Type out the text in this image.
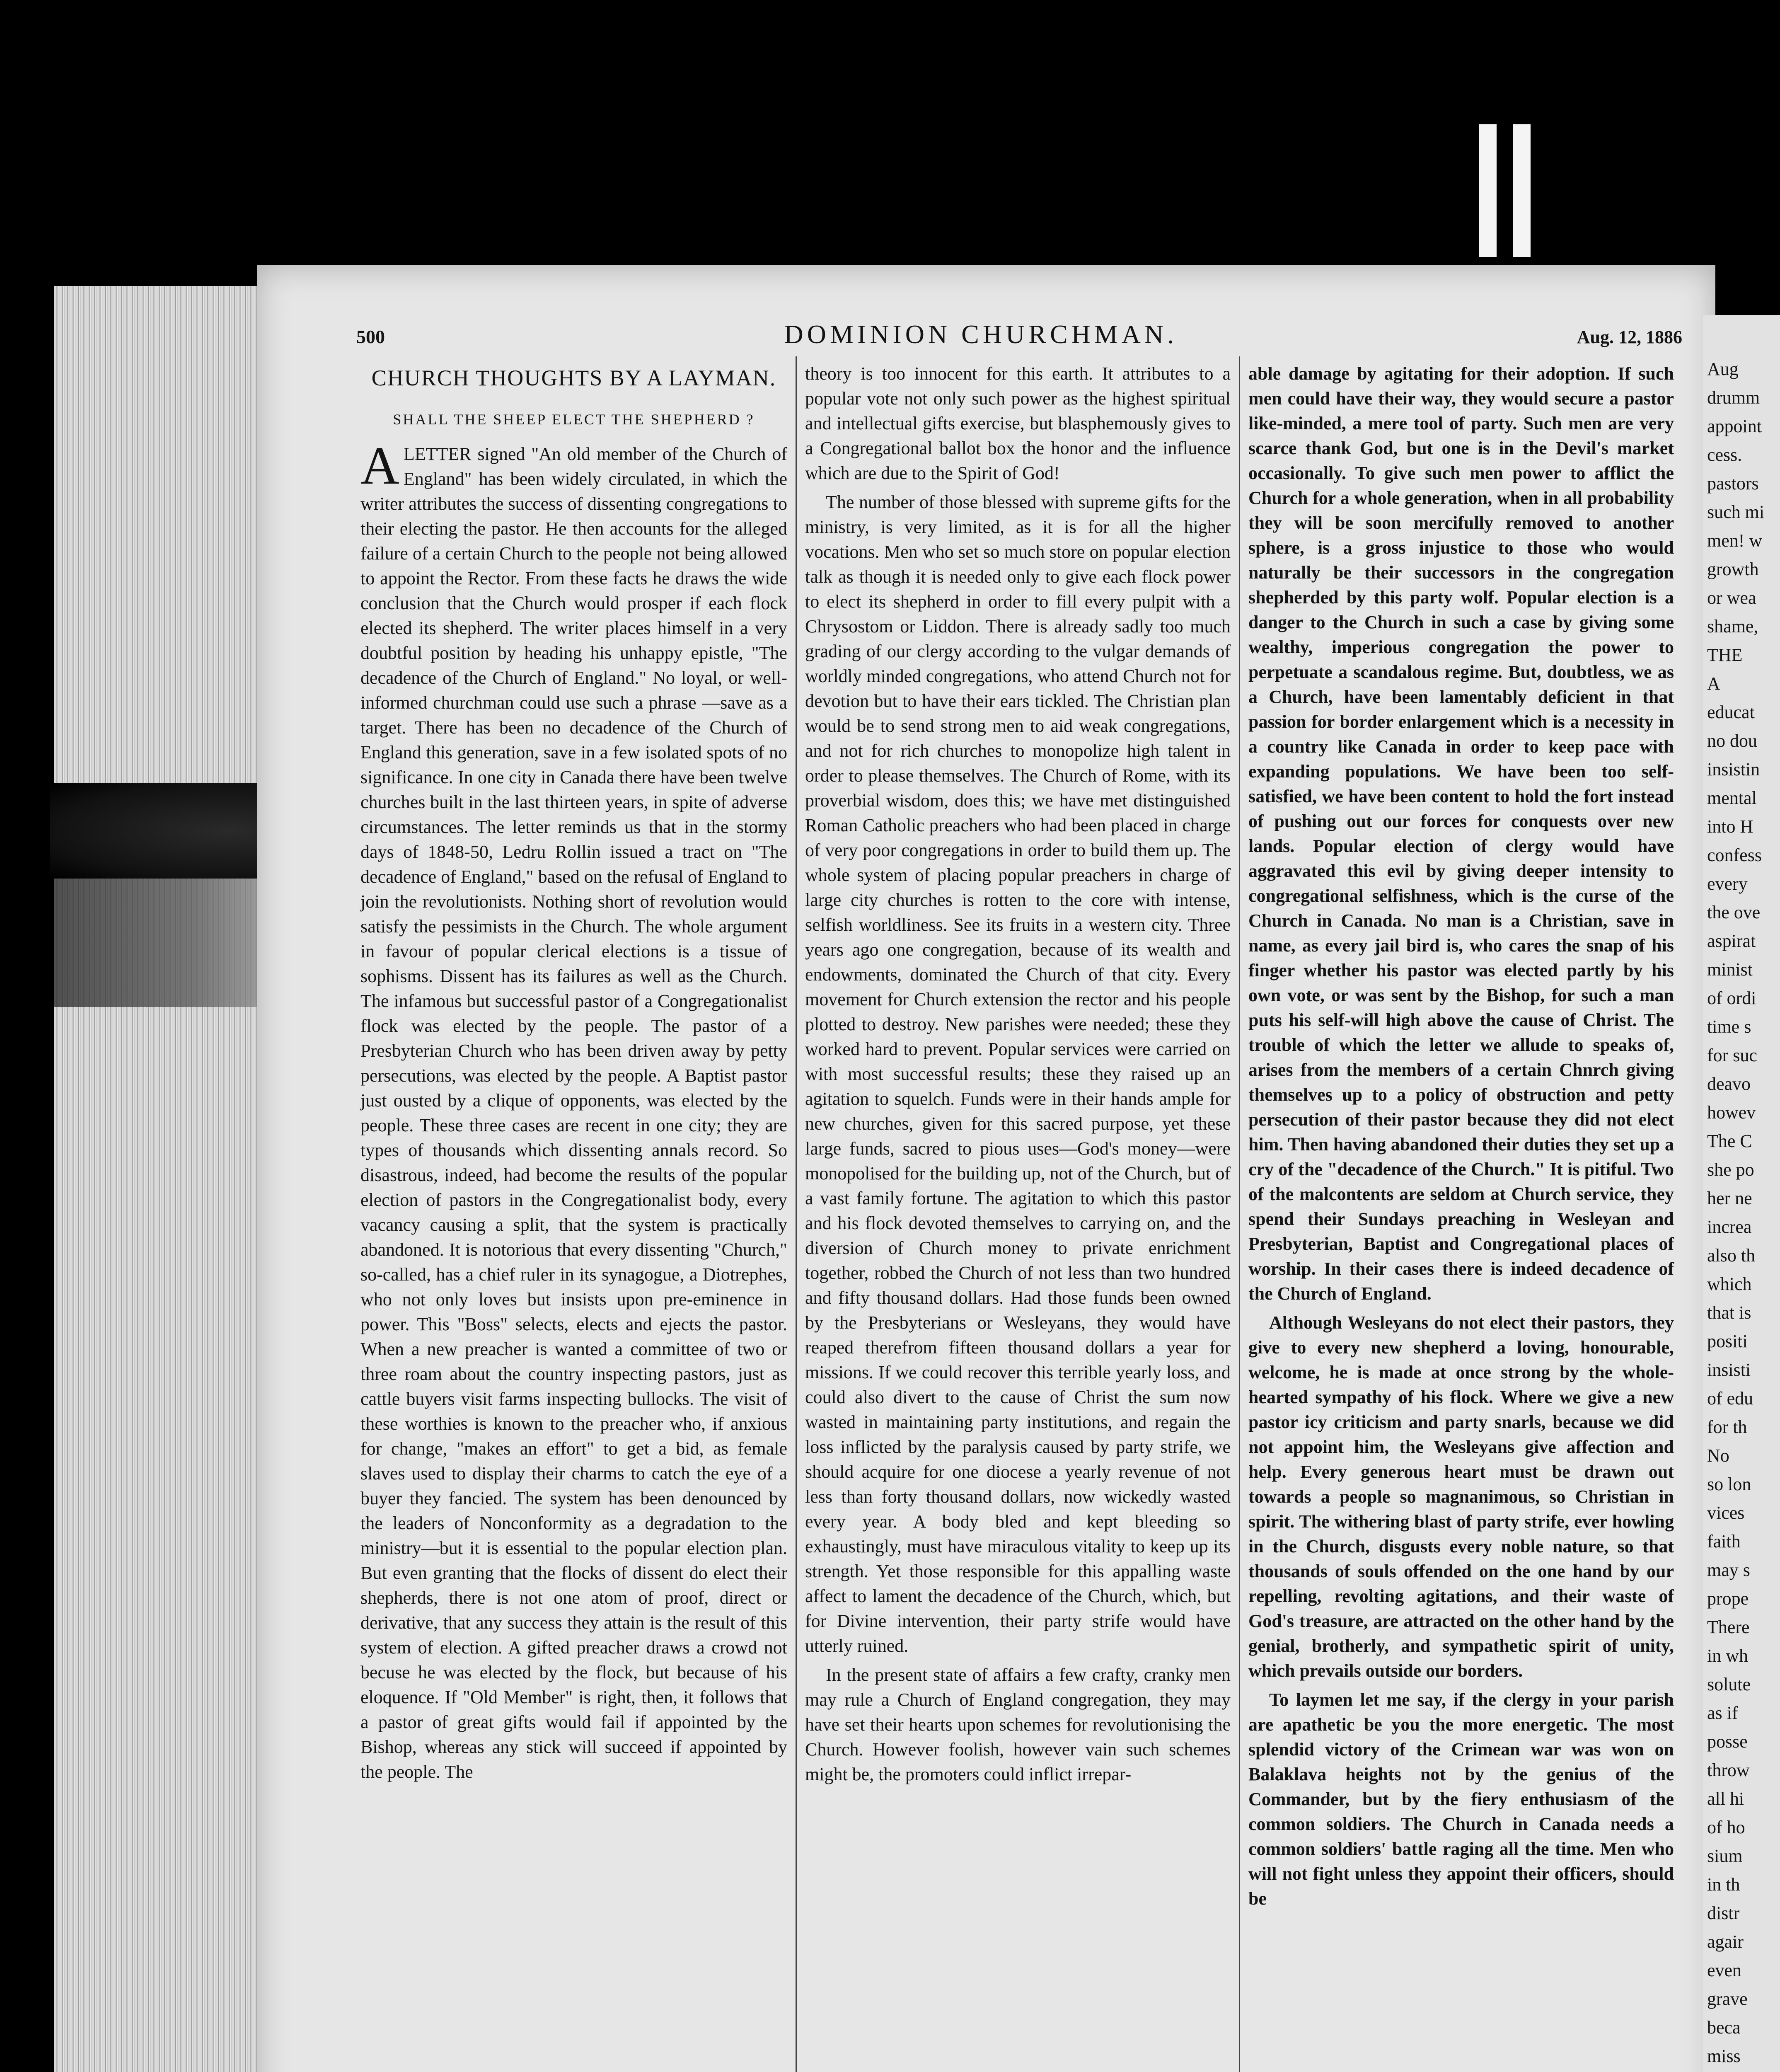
Aug
drumm
appoint
cess.
pastors
such mi
men! w
growth
or wea
shame,
THE
A
educat
no dou
insistin
mental
into H
confess
every
the ove
aspirat
minist
of ordi
time s
for suc
deavo
howev
The C
she po
her ne
increa
also th
which
that is
positi
insisti
of edu
for th
No
so lon
vices
faith
may s
prope
There
in wh
solute
as if
posse
throw
all hi
of ho
sium
in th
distr
agair
even
grave
beca
miss
500	DOMINION CHURCHMAN.	Aug. 12, 1886
CHURCH THOUGHTS BY A LAYMAN.
SHALL THE SHEEP ELECT THE SHEPHERD ?

ALETTER signed "An old member of the Church of England" has been widely circulated, in which the writer attributes the success of dissenting congregations to their electing the pastor. He then accounts for the alleged failure of a certain Church to the people not being allowed to appoint the Rector. From these facts he draws the wide conclusion that the Church would prosper if each flock elected its shepherd. The writer places himself in a very doubtful position by heading his unhappy epistle, "The decadence of the Church of England." No loyal, or well-informed churchman could use such a phrase —save as a target. There has been no decadence of the Church of England this generation, save in a few isolated spots of no significance. In one city in Canada there have been twelve churches built in the last thirteen years, in spite of adverse circumstances. The letter reminds us that in the stormy days of 1848-50, Ledru Rollin issued a tract on "The decadence of England," based on the refusal of England to join the revolutionists. Nothing short of revolution would satisfy the pessimists in the Church. The whole argument in favour of popular clerical elections is a tissue of sophisms. Dissent has its failures as well as the Church. The infamous but successful pastor of a Congregationalist flock was elected by the people. The pastor of a Presbyterian Church who has been driven away by petty persecutions, was elected by the people. A Baptist pastor just ousted by a clique of opponents, was elected by the people. These three cases are recent in one city; they are types of thousands which dissenting annals record. So disastrous, indeed, had become the results of the popular election of pastors in the Congregationalist body, every vacancy causing a split, that the system is practically abandoned. It is notorious that every dissenting "Church," so-called, has a chief ruler in its synagogue, a Diotrephes, who not only loves but insists upon pre-eminence in power. This "Boss" selects, elects and ejects the pastor. When a new preacher is wanted a committee of two or three roam about the country inspecting pastors, just as cattle buyers visit farms inspecting bullocks. The visit of these worthies is known to the preacher who, if anxious for change, "makes an effort" to get a bid, as female slaves used to display their charms to catch the eye of a buyer they fancied. The system has been denounced by the leaders of Nonconformity as a degradation to the ministry—but it is essential to the popular election plan. But even granting that the flocks of dissent do elect their shepherds, there is not one atom of proof, direct or derivative, that any success they attain is the result of this system of election. A gifted preacher draws a crowd not becuse he was elected by the flock, but because of his eloquence. If "Old Member" is right, then, it follows that a pastor of great gifts would fail if appointed by the Bishop, whereas any stick will succeed if appointed by the people. The

theory is too innocent for this earth. It attributes to a popular vote not only such power as the highest spiritual and intellectual gifts exercise, but blasphemously gives to a Congregational ballot box the honor and the influence which are due to the Spirit of God!

The number of those blessed with supreme gifts for the ministry, is very limited, as it is for all the higher vocations. Men who set so much store on popular election talk as though it is needed only to give each flock power to elect its shepherd in order to fill every pulpit with a Chrysostom or Liddon. There is already sadly too much grading of our clergy according to the vulgar demands of worldly minded congregations, who attend Church not for devotion but to have their ears tickled. The Christian plan would be to send strong men to aid weak congregations, and not for rich churches to monopolize high talent in order to please themselves. The Church of Rome, with its proverbial wisdom, does this; we have met distinguished Roman Catholic preachers who had been placed in charge of very poor congregations in order to build them up. The whole system of placing popular preachers in charge of large city churches is rotten to the core with intense, selfish worldliness. See its fruits in a western city. Three years ago one congregation, because of its wealth and endowments, dominated the Church of that city. Every movement for Church extension the rector and his people plotted to destroy. New parishes were needed; these they worked hard to prevent. Popular services were carried on with most successful results; these they raised up an agitation to squelch. Funds were in their hands ample for new churches, given for this sacred purpose, yet these large funds, sacred to pious uses—God's money—were monopolised for the building up, not of the Church, but of a vast family fortune. The agitation to which this pastor and his flock devoted themselves to carrying on, and the diversion of Church money to private enrichment together, robbed the Church of not less than two hundred and fifty thousand dollars. Had those funds been owned by the Presbyterians or Wesleyans, they would have reaped therefrom fifteen thousand dollars a year for missions. If we could recover this terrible yearly loss, and could also divert to the cause of Christ the sum now wasted in maintaining party institutions, and regain the loss inflicted by the paralysis caused by party strife, we should acquire for one diocese a yearly revenue of not less than forty thousand dollars, now wickedly wasted every year. A body bled and kept bleeding so exhaustingly, must have miraculous vitality to keep up its strength. Yet those responsible for this appalling waste affect to lament the decadence of the Church, which, but for Divine intervention, their party strife would have utterly ruined.

In the present state of affairs a few crafty, cranky men may rule a Church of England congregation, they may have set their hearts upon schemes for revolutionising the Church. However foolish, however vain such schemes might be, the promoters could inflict irrepar-

able damage by agitating for their adoption. If such men could have their way, they would secure a pastor like-minded, a mere tool of party. Such men are very scarce thank God, but one is in the Devil's market occasionally. To give such men power to afflict the Church for a whole generation, when in all probability they will be soon mercifully removed to another sphere, is a gross injustice to those who would naturally be their successors in the congregation shepherded by this party wolf. Popular election is a danger to the Church in such a case by giving some wealthy, imperious congregation the power to perpetuate a scandalous regime. But, doubtless, we as a Church, have been lamentably deficient in that passion for border enlargement which is a necessity in a country like Canada in order to keep pace with expanding populations. We have been too self-satisfied, we have been content to hold the fort instead of pushing out our forces for conquests over new lands. Popular election of clergy would have aggravated this evil by giving deeper intensity to congregational selfishness, which is the curse of the Church in Canada. No man is a Christian, save in name, as every jail bird is, who cares the snap of his finger whether his pastor was elected partly by his own vote, or was sent by the Bishop, for such a man puts his self-will high above the cause of Christ. The trouble of which the letter we allude to speaks of, arises from the members of a certain Chnrch giving themselves up to a policy of obstruction and petty persecution of their pastor because they did not elect him. Then having abandoned their duties they set up a cry of the "decadence of the Church." It is pitiful. Two of the malcontents are seldom at Church service, they spend their Sundays preaching in Wesleyan and Presbyterian, Baptist and Congregational places of worship. In their cases there is indeed decadence of the Church of England.

Although Wesleyans do not elect their pastors, they give to every new shepherd a loving, honourable, welcome, he is made at once strong by the whole-hearted sympathy of his flock. Where we give a new pastor icy criticism and party snarls, because we did not appoint him, the Wesleyans give affection and help. Every generous heart must be drawn out towards a people so magnanimous, so Christian in spirit. The withering blast of party strife, ever howling in the Church, disgusts every noble nature, so that thousands of souls offended on the one hand by our repelling, revolting agitations, and their waste of God's treasure, are attracted on the other hand by the genial, brotherly, and sympathetic spirit of unity, which prevails outside our borders.

To laymen let me say, if the clergy in your parish are apathetic be you the more energetic. The most splendid victory of the Crimean war was won on Balaklava heights not by the genius of the Commander, but by the fiery enthusiasm of the common soldiers. The Church in Canada needs a common soldiers' battle raging all the time. Men who will not fight unless they appoint their officers, should be
